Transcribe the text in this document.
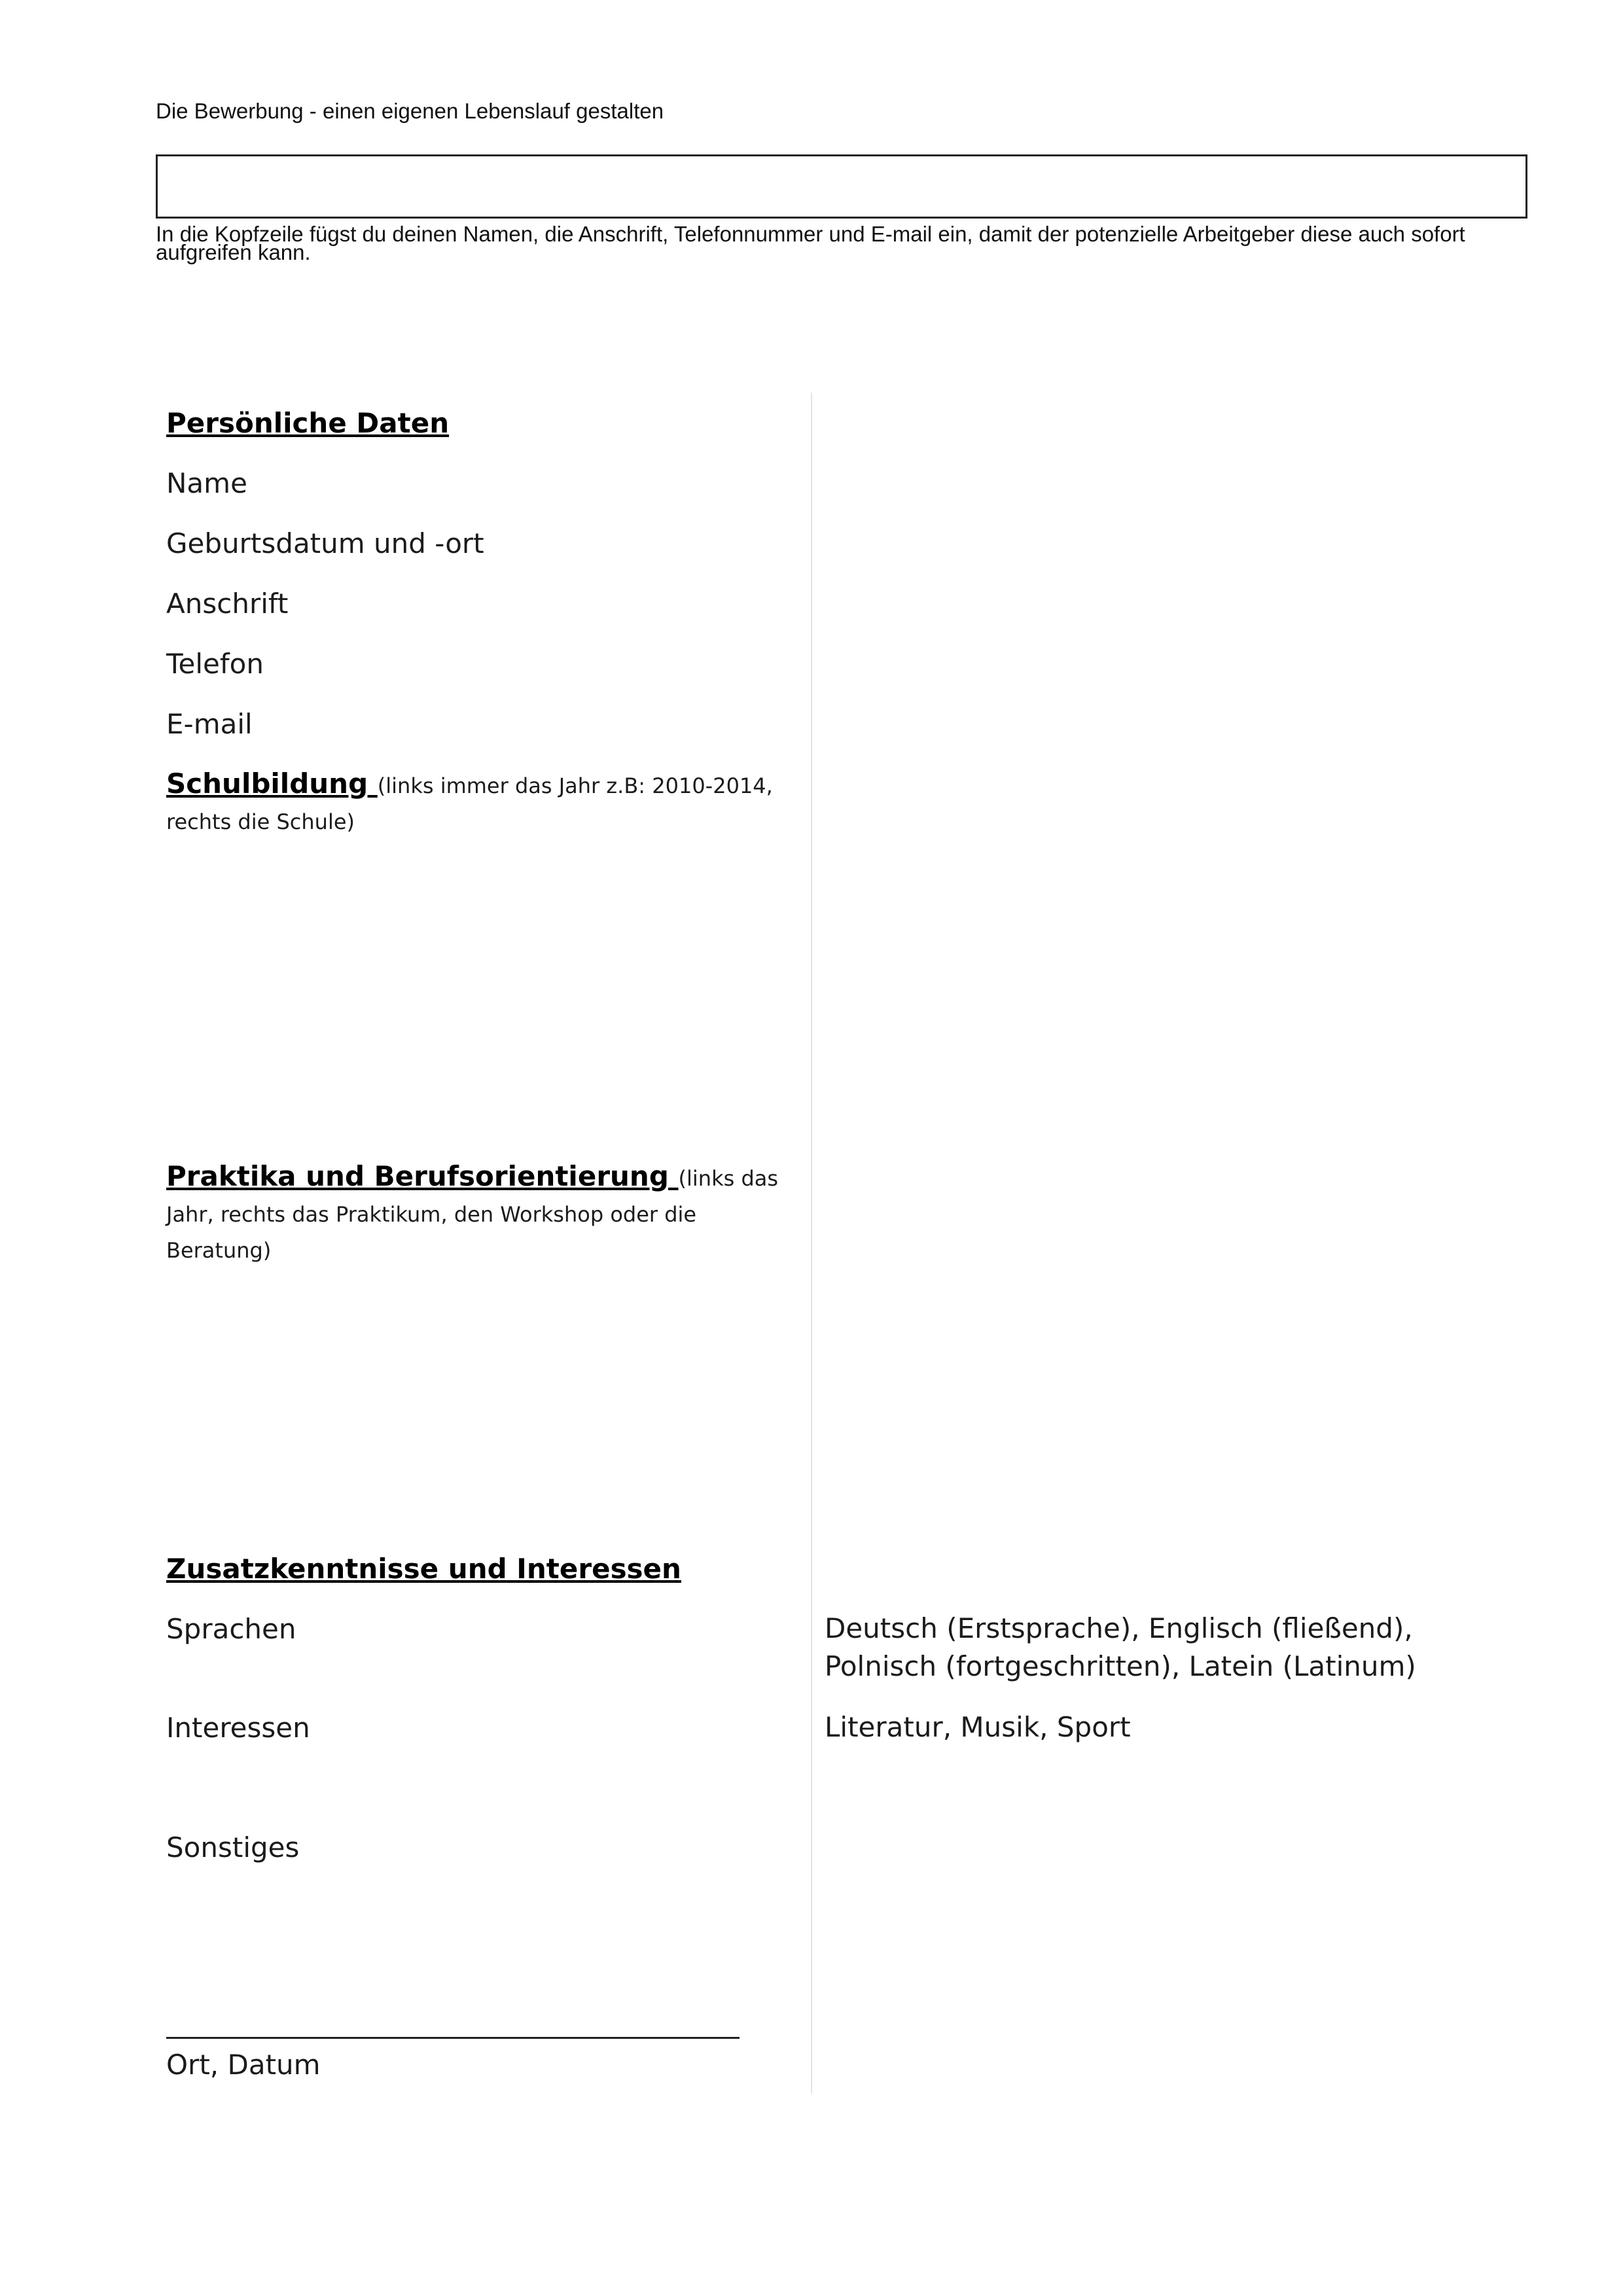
Die Bewerbung - einen eigenen Lebenslauf gestalten
In die Kopfzeile fügst du deinen Namen, die Anschrift, Telefonnummer und E-mail ein, damit der potenzielle Arbeitgeber diese auch sofort aufgreifen kann.
Persönliche Daten
Name
Geburtsdatum und -ort
Anschrift
Telefon
E-mail
Schulbildung (links immer das Jahr z.B: 2010-2014, rechts die Schule)
Praktika und Berufsorientierung (links das Jahr, rechts das Praktikum, den Workshop oder die Beratung)
Zusatzkenntnisse und Interessen
Sprachen	Deutsch (Erstsprache), Englisch (fließend), Polnisch (fortgeschritten), Latein (Latinum)
Interessen	Literatur, Musik, Sport
Sonstiges
Ort, Datum
